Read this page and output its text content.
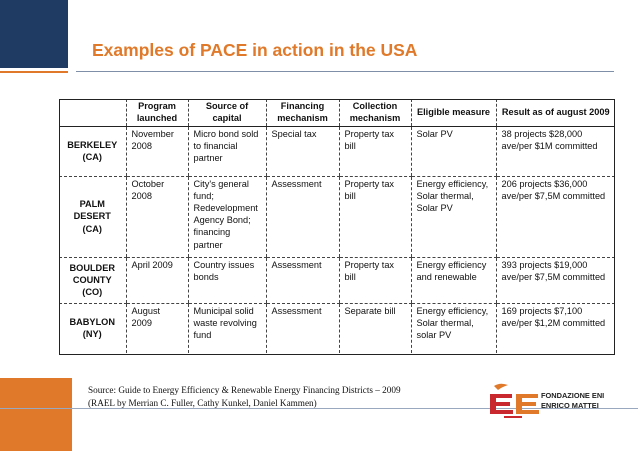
Examples of PACE in action in the USA
	Program launched	Source of capital	Financing mechanism	Collection mechanism	Eligible measure	Result as of august 2009
BERKELEY (CA)	November 2008	Micro bond sold to financial partner	Special tax	Property tax bill	Solar PV	38 projects $28,000 ave/per $1M committed
PALM DESERT (CA)	October 2008	City's general fund; Redevelopment Agency Bond; financing partner	Assessment	Property tax bill	Energy efficiency, Solar thermal, Solar PV	206 projects $36,000 ave/per $7,5M committed
BOULDER COUNTY (CO)	April 2009	Country issues bonds	Assessment	Property tax bill	Energy efficiency and renewable	393 projects $19,000 ave/per $7,5M committed
BABYLON (NY)	August 2009	Municipal solid waste revolving fund	Assessment	Separate bill	Energy efficiency, Solar thermal, solar PV	169 projects $7,100 ave/per $1,2M committed
Source: Guide to Energy Efficiency & Renewable Energy Financing Districts – 2009
(RAEL by Merrian C. Fuller, Cathy Kunkel, Daniel Kammen)
FONDAZIONE ENI
ENRICO MATTEI
